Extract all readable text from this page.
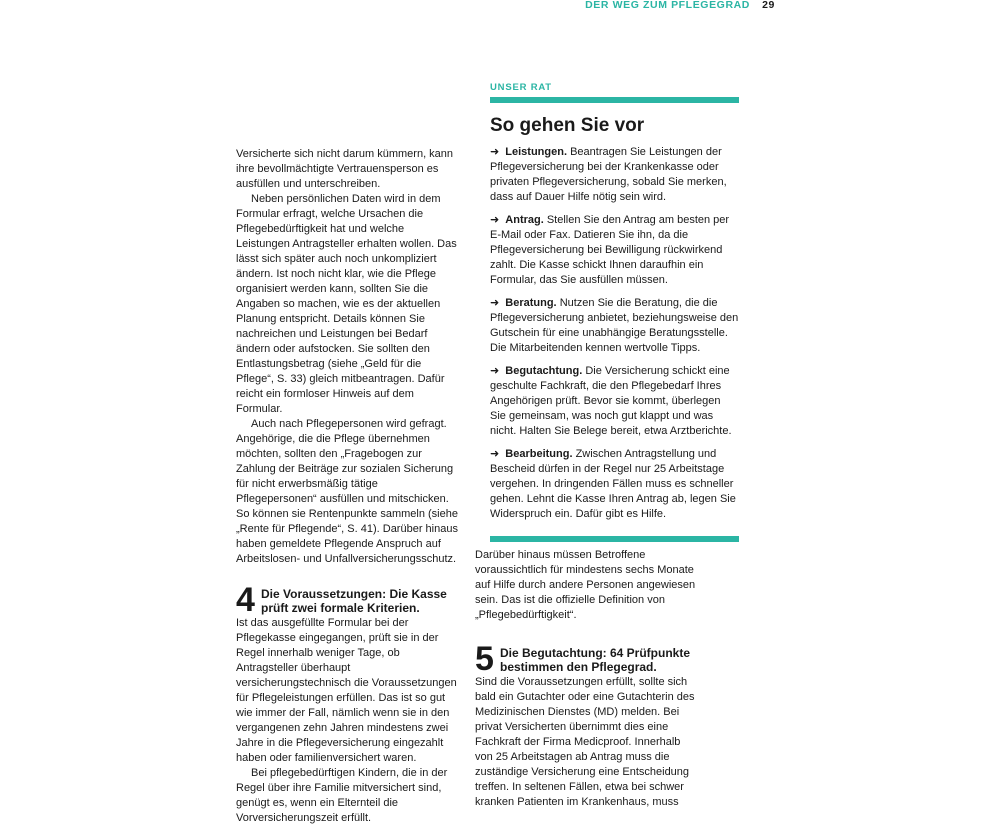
DER WEG ZUM PFLEGEGRAD 29

Versicherte sich nicht darum kümmern, kann ihre bevollmächtigte Vertrauensperson es ausfüllen und unterschreiben.

Neben persönlichen Daten wird in dem Formular erfragt, welche Ursachen die Pflegebedürftigkeit hat und welche Leistungen Antragsteller erhalten wollen. Das lässt sich später auch noch unkompliziert ändern. Ist noch nicht klar, wie die Pflege organisiert werden kann, sollten Sie die Angaben so machen, wie es der aktuellen Planung entspricht. Details können Sie nachreichen und Leistungen bei Bedarf ändern oder aufstocken. Sie sollten den Entlastungsbetrag (siehe „Geld für die Pflege“, S. 33) gleich mitbeantragen. Dafür reicht ein formloser Hinweis auf dem Formular.

Auch nach Pflegepersonen wird gefragt. Angehörige, die die Pflege übernehmen möchten, sollten den „Fragebogen zur Zahlung der Beiträge zur sozialen Sicherung für nicht erwerbsmäßig tätige Pflegepersonen“ ausfüllen und mitschicken. So können sie Rentenpunkte sammeln (siehe „Rente für Pflegende“, S. 41). Darüber hinaus haben gemeldete Pflegende Anspruch auf Arbeitslosen- und Unfallversicherungsschutz.

4 Die Voraussetzungen: Die Kasse prüft zwei formale Kriterien.

Ist das ausgefüllte Formular bei der Pflegekasse eingegangen, prüft sie in der Regel innerhalb weniger Tage, ob Antragsteller überhaupt versicherungstechnisch die Voraussetzungen für Pflegeleistungen erfüllen. Das ist so gut wie immer der Fall, nämlich wenn sie in den vergangenen zehn Jahren mindestens zwei Jahre in die Pflegeversicherung eingezahlt haben oder familienversichert waren.

Bei pflegebedürftigen Kindern, die in der Regel über ihre Familie mitversichert sind, genügt es, wenn ein Elternteil die Vorversicherungszeit erfüllt.

UNSER RAT
So gehen Sie vor
➜ Leistungen. Beantragen Sie Leistungen der Pflegeversicherung bei der Krankenkasse oder privaten Pflegeversicherung, sobald Sie merken, dass auf Dauer Hilfe nötig sein wird.
➜ Antrag. Stellen Sie den Antrag am besten per E-Mail oder Fax. Datieren Sie ihn, da die Pflegeversicherung bei Bewilligung rückwirkend zahlt. Die Kasse schickt Ihnen daraufhin ein Formular, das Sie ausfüllen müssen.
➜ Beratung. Nutzen Sie die Beratung, die die Pflegeversicherung anbietet, beziehungsweise den Gutschein für eine unabhängige Beratungsstelle. Die Mitarbeitenden kennen wertvolle Tipps.
➜ Begutachtung. Die Versicherung schickt eine geschulte Fachkraft, die den Pflegebedarf Ihres Angehörigen prüft. Bevor sie kommt, überlegen Sie gemeinsam, was noch gut klappt und was nicht. Halten Sie Belege bereit, etwa Arztberichte.
➜ Bearbeitung. Zwischen Antragstellung und Bescheid dürfen in der Regel nur 25 Arbeitstage vergehen. In dringenden Fällen muss es schneller gehen. Lehnt die Kasse Ihren Antrag ab, legen Sie Widerspruch ein. Dafür gibt es Hilfe.

Darüber hinaus müssen Betroffene voraussichtlich für mindestens sechs Monate auf Hilfe durch andere Personen angewiesen sein. Das ist die offizielle Definition von „Pflegebedürftigkeit“.

5 Die Begutachtung: 64 Prüfpunkte bestimmen den Pflegegrad.

Sind die Voraussetzungen erfüllt, sollte sich bald ein Gutachter oder eine Gutachterin des Medizinischen Dienstes (MD) melden. Bei privat Versicherten übernimmt dies eine Fachkraft der Firma Medicproof. Innerhalb von 25 Arbeitstagen ab Antrag muss die zuständige Versicherung eine Entscheidung treffen. In seltenen Fällen, etwa bei schwer kranken Patienten im Krankenhaus, muss
